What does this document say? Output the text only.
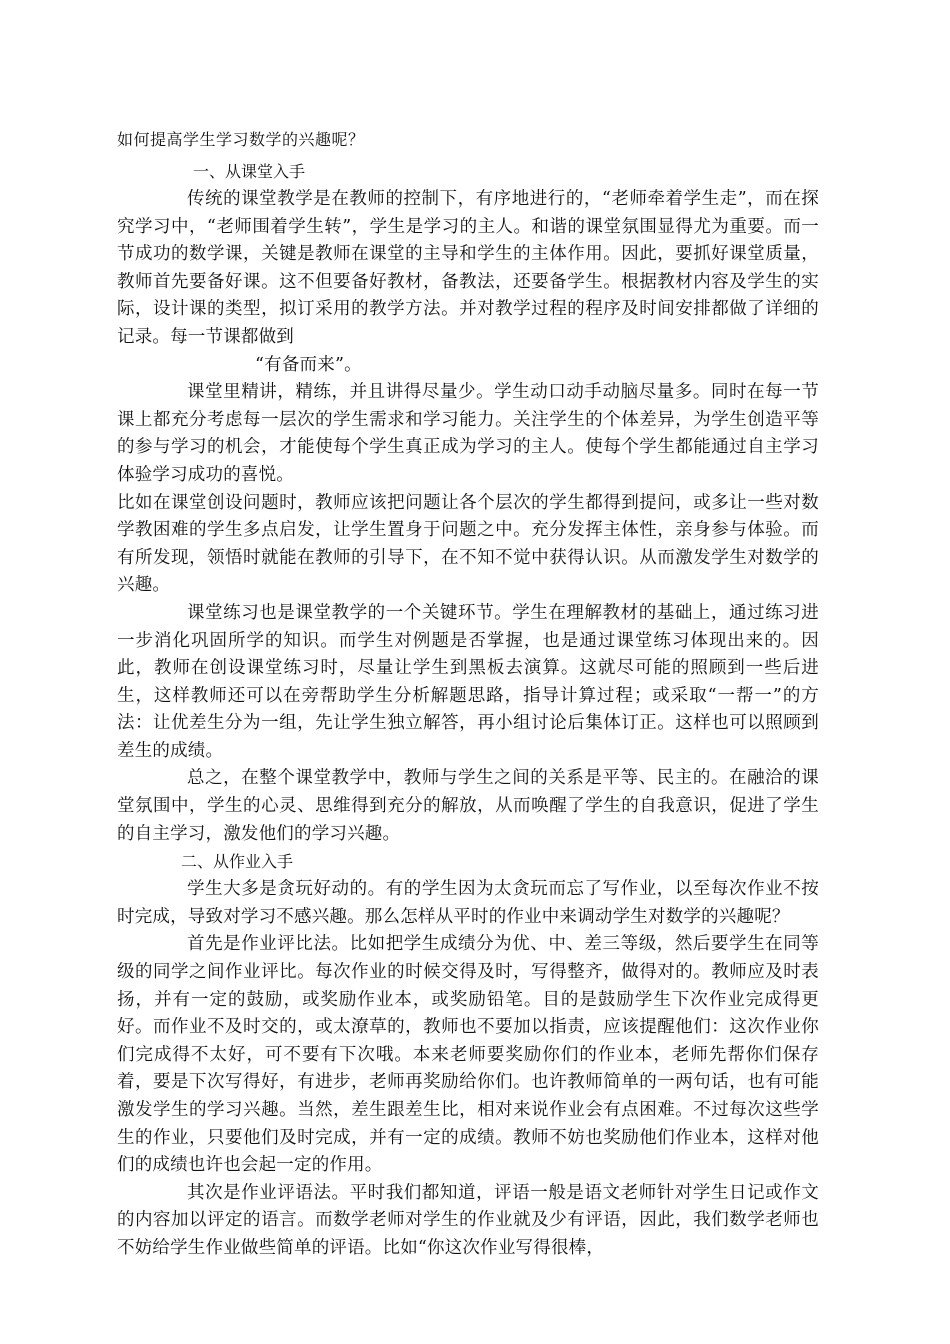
如何提高学生学习数学的兴趣呢？

一、从课堂入手

传统的课堂教学是在教师的控制下，有序地进行的，“老师牵着学生走”，而在探究学习中，“老师围着学生转”，学生是学习的主人。和谐的课堂氛围显得尤为重要。而一节成功的数学课，关键是教师在课堂的主导和学生的主体作用。因此，要抓好课堂质量，教师首先要备好课。这不但要备好教材，备教法，还要备学生。根据教材内容及学生的实际，设计课的类型，拟订采用的教学方法。并对教学过程的程序及时间安排都做了详细的记录。每一节课都做到

“有备而来”。

课堂里精讲，精练，并且讲得尽量少。学生动口动手动脑尽量多。同时在每一节课上都充分考虑每一层次的学生需求和学习能力。关注学生的个体差异，为学生创造平等的参与学习的机会，才能使每个学生真正成为学习的主人。使每个学生都能通过自主学习体验学习成功的喜悦。

比如在课堂创设问题时，教师应该把问题让各个层次的学生都得到提问，或多让一些对数学教困难的学生多点启发，让学生置身于问题之中。充分发挥主体性，亲身参与体验。而有所发现，领悟时就能在教师的引导下，在不知不觉中获得认识。从而激发学生对数学的兴趣。

课堂练习也是课堂教学的一个关键环节。学生在理解教材的基础上，通过练习进一步消化巩固所学的知识。而学生对例题是否掌握，也是通过课堂练习体现出来的。因此，教师在创设课堂练习时，尽量让学生到黑板去演算。这就尽可能的照顾到一些后进生，这样教师还可以在旁帮助学生分析解题思路，指导计算过程；或采取“一帮一”的方法：让优差生分为一组，先让学生独立解答，再小组讨论后集体订正。这样也可以照顾到差生的成绩。

总之，在整个课堂教学中，教师与学生之间的关系是平等、民主的。在融洽的课堂氛围中，学生的心灵、思维得到充分的解放，从而唤醒了学生的自我意识，促进了学生的自主学习，激发他们的学习兴趣。

二、从作业入手

学生大多是贪玩好动的。有的学生因为太贪玩而忘了写作业，以至每次作业不按时完成，导致对学习不感兴趣。那么怎样从平时的作业中来调动学生对数学的兴趣呢？

首先是作业评比法。比如把学生成绩分为优、中、差三等级，然后要学生在同等级的同学之间作业评比。每次作业的时候交得及时，写得整齐，做得对的。教师应及时表扬，并有一定的鼓励，或奖励作业本，或奖励铅笔。目的是鼓励学生下次作业完成得更好。而作业不及时交的，或太潦草的，教师也不要加以指责，应该提醒他们：这次作业你们完成得不太好，可不要有下次哦。本来老师要奖励你们的作业本，老师先帮你们保存着，要是下次写得好，有进步，老师再奖励给你们。也许教师简单的一两句话，也有可能激发学生的学习兴趣。当然，差生跟差生比，相对来说作业会有点困难。不过每次这些学生的作业，只要他们及时完成，并有一定的成绩。教师不妨也奖励他们作业本，这样对他们的成绩也许也会起一定的作用。

其次是作业评语法。平时我们都知道，评语一般是语文老师针对学生日记或作文的内容加以评定的语言。而数学老师对学生的作业就及少有评语，因此，我们数学老师也不妨给学生作业做些简单的评语。比如“你这次作业写得很棒，
